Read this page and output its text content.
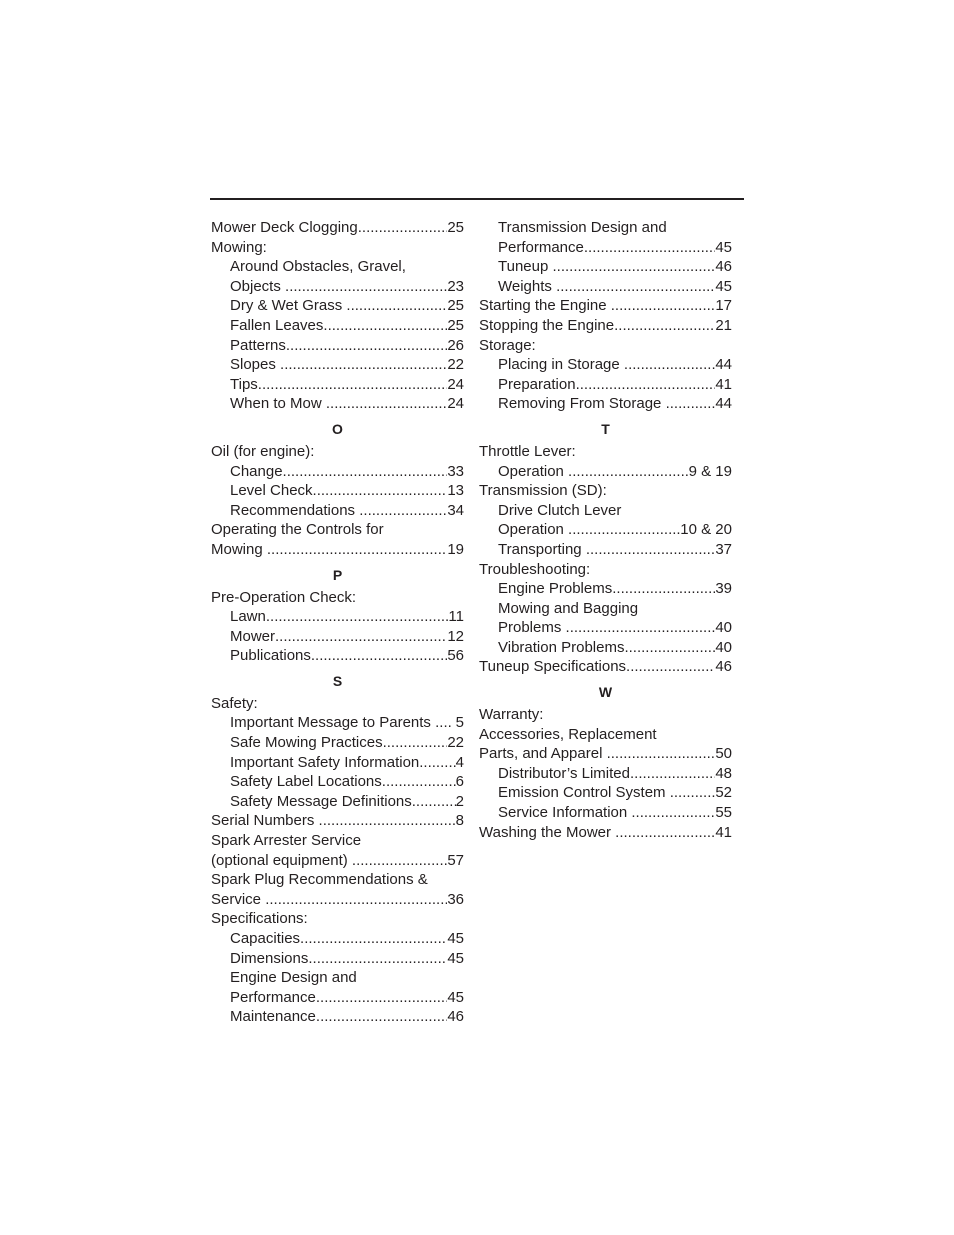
Mower Deck Clogging .....	25
Mowing:
Around Obstacles, Gravel,
Objects .....	23
Dry & Wet Grass .....	25
Fallen Leaves .....	25
Patterns .....	26
Slopes .....	22
Tips .....	24
When to Mow .....	24
O
Oil (for engine):
Change .....	33
Level Check .....	13
Recommendations .....	34
Operating the Controls for
Mowing .....	19
P
Pre-Operation Check:
Lawn .....	11
Mower .....	12
Publications .....	56
S
Safety:
Important Message to Parents ..... 5
Safe Mowing Practices .....	22
Important Safety Information ..... 4
Safety Label Locations .....	6
Safety Message Definitions .....	2
Serial Numbers .....	8
Spark Arrester Service
(optional equipment) .....	57
Spark Plug Recommendations &
Service .....	36
Specifications:
Capacities .....	45
Dimensions .....	45
Engine Design and
Performance .....	45
Maintenance .....	46
Transmission Design and
Performance .....	45
Tuneup .....	46
Weights .....	45
Starting the Engine .....	17
Stopping the Engine .....	21
Storage:
Placing in Storage .....	44
Preparation .....	41
Removing From Storage .....	44
T
Throttle Lever:
Operation .....	9 & 19
Transmission (SD):
Drive Clutch Lever
Operation .....	10 & 20
Transporting .....	37
Troubleshooting:
Engine Problems .....	39
Mowing and Bagging
Problems .....	40
Vibration Problems .....	40
Tuneup Specifications .....	46
W
Warranty:
Accessories, Replacement
Parts, and Apparel .....	50
Distributor’s Limited .....	48
Emission Control System .....	52
Service Information .....	55
Washing the Mower .....	41
